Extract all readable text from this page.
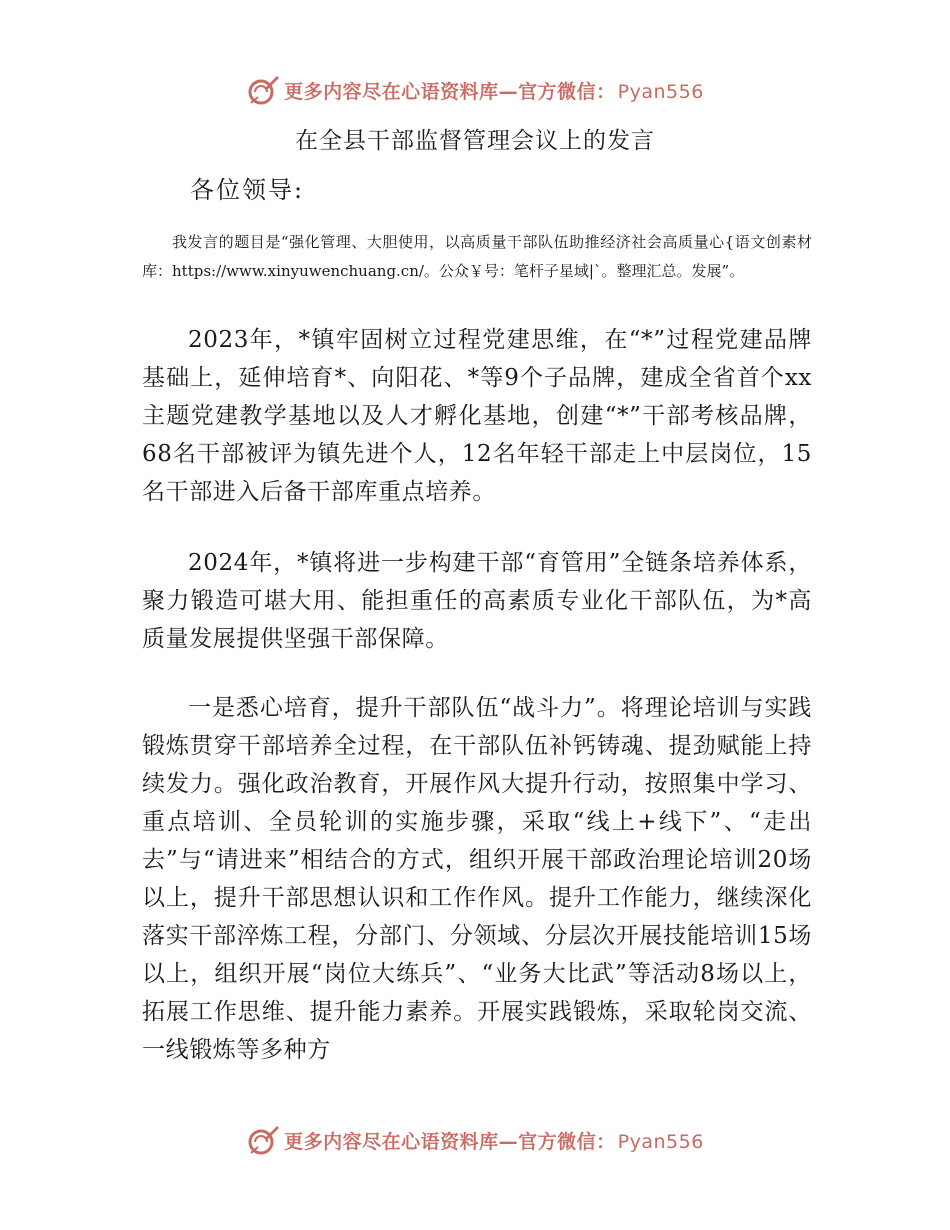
更多内容尽在心语资料库—官方微信： Pyan556
在全县干部监督管理会议上的发言
各位领导:

我发言的题目是“强化管理、大胆使用，以高质量干部队伍助推经济社会高质量心{语文创素材库：https://www.xinyuwenchuang.cn/。公众￥号：笔杆子星域|`。整理汇总。发展”。

2023年，*镇牢固树立过程党建思维，在“*”过程党建品牌基础上，延伸培育*、向阳花、*等9个子品牌，建成全省首个xx主题党建教学基地以及人才孵化基地，创建“*”干部考核品牌，68名干部被评为镇先进个人，12名年轻干部走上中层岗位，15名干部进入后备干部库重点培养。

2024年，*镇将进一步构建干部“育管用”全链条培养体系，聚力锻造可堪大用、能担重任的高素质专业化干部队伍，为*高质量发展提供坚强干部保障。

一是悉心培育，提升干部队伍“战斗力”。将理论培训与实践锻炼贯穿干部培养全过程，在干部队伍补钙铸魂、提劲赋能上持续发力。强化政治教育，开展作风大提升行动，按照集中学习、重点培训、全员轮训的实施步骤，采取“线上+线下”、“走出去”与“请进来”相结合的方式，组织开展干部政治理论培训20场以上，提升干部思想认识和工作作风。提升工作能力，继续深化落实干部淬炼工程，分部门、分领域、分层次开展技能培训15场以上，组织开展“岗位大练兵”、“业务大比武”等活动8场以上，拓展工作思维、提升能力素养。开展实践锻炼，采取轮岗交流、一线锻炼等多种方

更多内容尽在心语资料库—官方微信： Pyan556
